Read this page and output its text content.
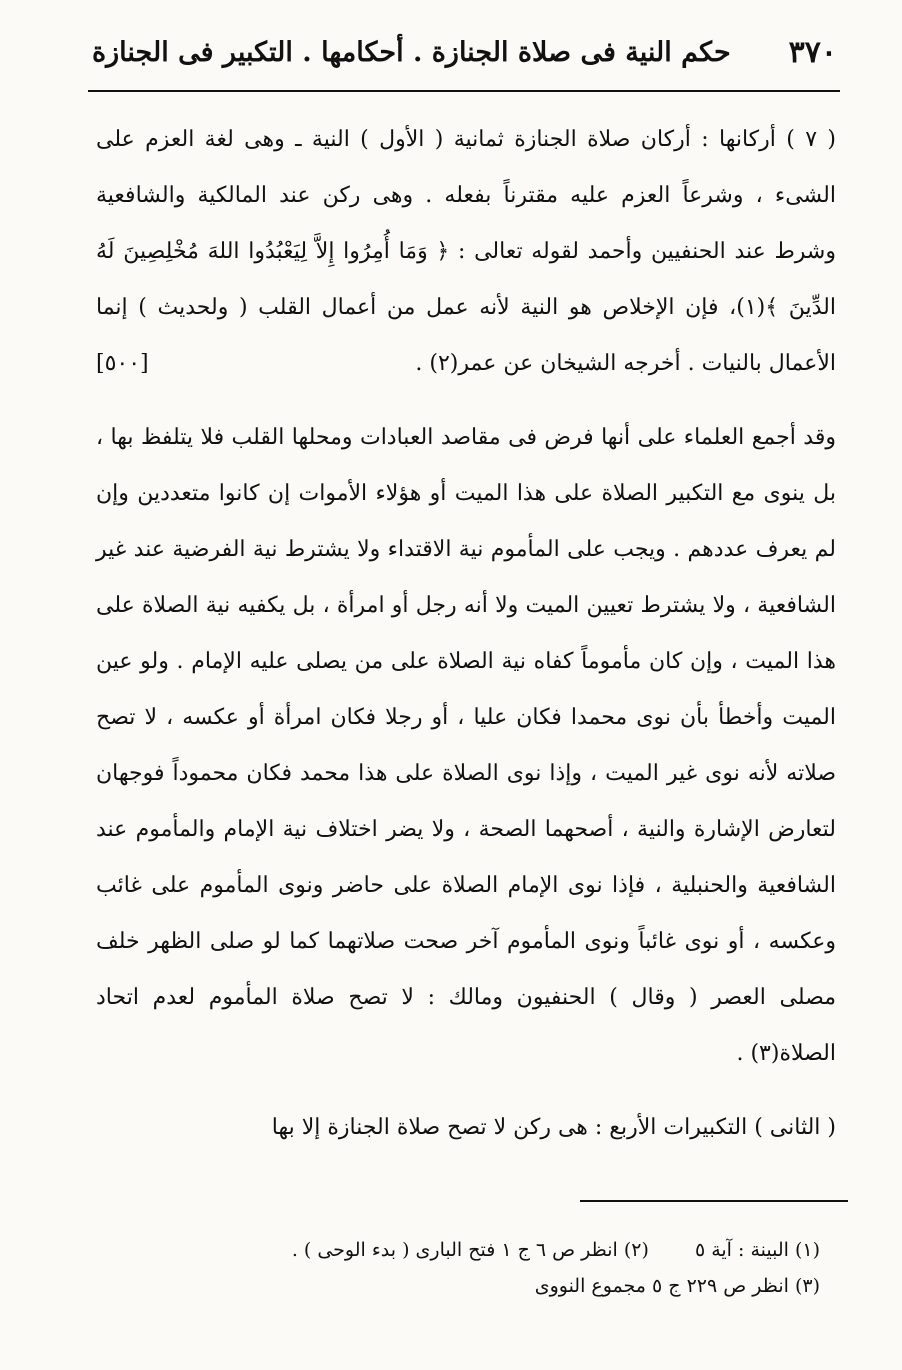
٣٧٠
حكم النية فى صلاة الجنازة . أحكامها . التكبير فى الجنازة

( ٧ ) أركانها : أركان صلاة الجنازة ثمانية ( الأول ) النية ـ وهى لغة العزم على الشىء ، وشرعاً العزم عليه مقترناً بفعله . وهى ركن عند المالكية والشافعية وشرط عند الحنفيين وأحمد لقوله تعالى : ﴿ وَمَا أُمِرُوا إِلاَّ لِيَعْبُدُوا اللهَ مُخْلِصِينَ لَهُ الدِّينَ ﴾(١)، فإن الإخلاص هو النية لأنه عمل من أعمال القلب ( ولحديث ) إنما الأعمال بالنيات . أخرجه الشيخان عن عمر(٢) .
[٥٠٠]

وقد أجمع العلماء على أنها فرض فى مقاصد العبادات ومحلها القلب فلا يتلفظ بها ، بل ينوى مع التكبير الصلاة على هذا الميت أو هؤلاء الأموات إن كانوا متعددين وإن لم يعرف عددهم . ويجب على المأموم نية الاقتداء ولا يشترط نية الفرضية عند غير الشافعية ، ولا يشترط تعيين الميت ولا أنه رجل أو امرأة ، بل يكفيه نية الصلاة على هذا الميت ، وإن كان مأموماً كفاه نية الصلاة على من يصلى عليه الإمام . ولو عين الميت وأخطأ بأن نوى محمدا فكان عليا ، أو رجلا فكان امرأة أو عكسه ، لا تصح صلاته لأنه نوى غير الميت ، وإذا نوى الصلاة على هذا محمد فكان محموداً فوجهان لتعارض الإشارة والنية ، أصحهما الصحة ، ولا يضر اختلاف نية الإمام والمأموم عند الشافعية والحنبلية ، فإذا نوى الإمام الصلاة على حاضر ونوى المأموم على غائب وعكسه ، أو نوى غائباً ونوى المأموم آخر صحت صلاتهما كما لو صلى الظهر خلف مصلى العصر ( وقال ) الحنفيون ومالك : لا تصح صلاة المأموم لعدم اتحاد الصلاة(٣) .

( الثانى ) التكبيرات الأربع : هى ركن لا تصح صلاة الجنازة إلا بها

(١) البينة : آية ٥ (٢) انظر ص ٦ ج ١ فتح البارى ( بدء الوحى ) .
(٣) انظر ص ٢٢٩ ج ٥ مجموع النووى
